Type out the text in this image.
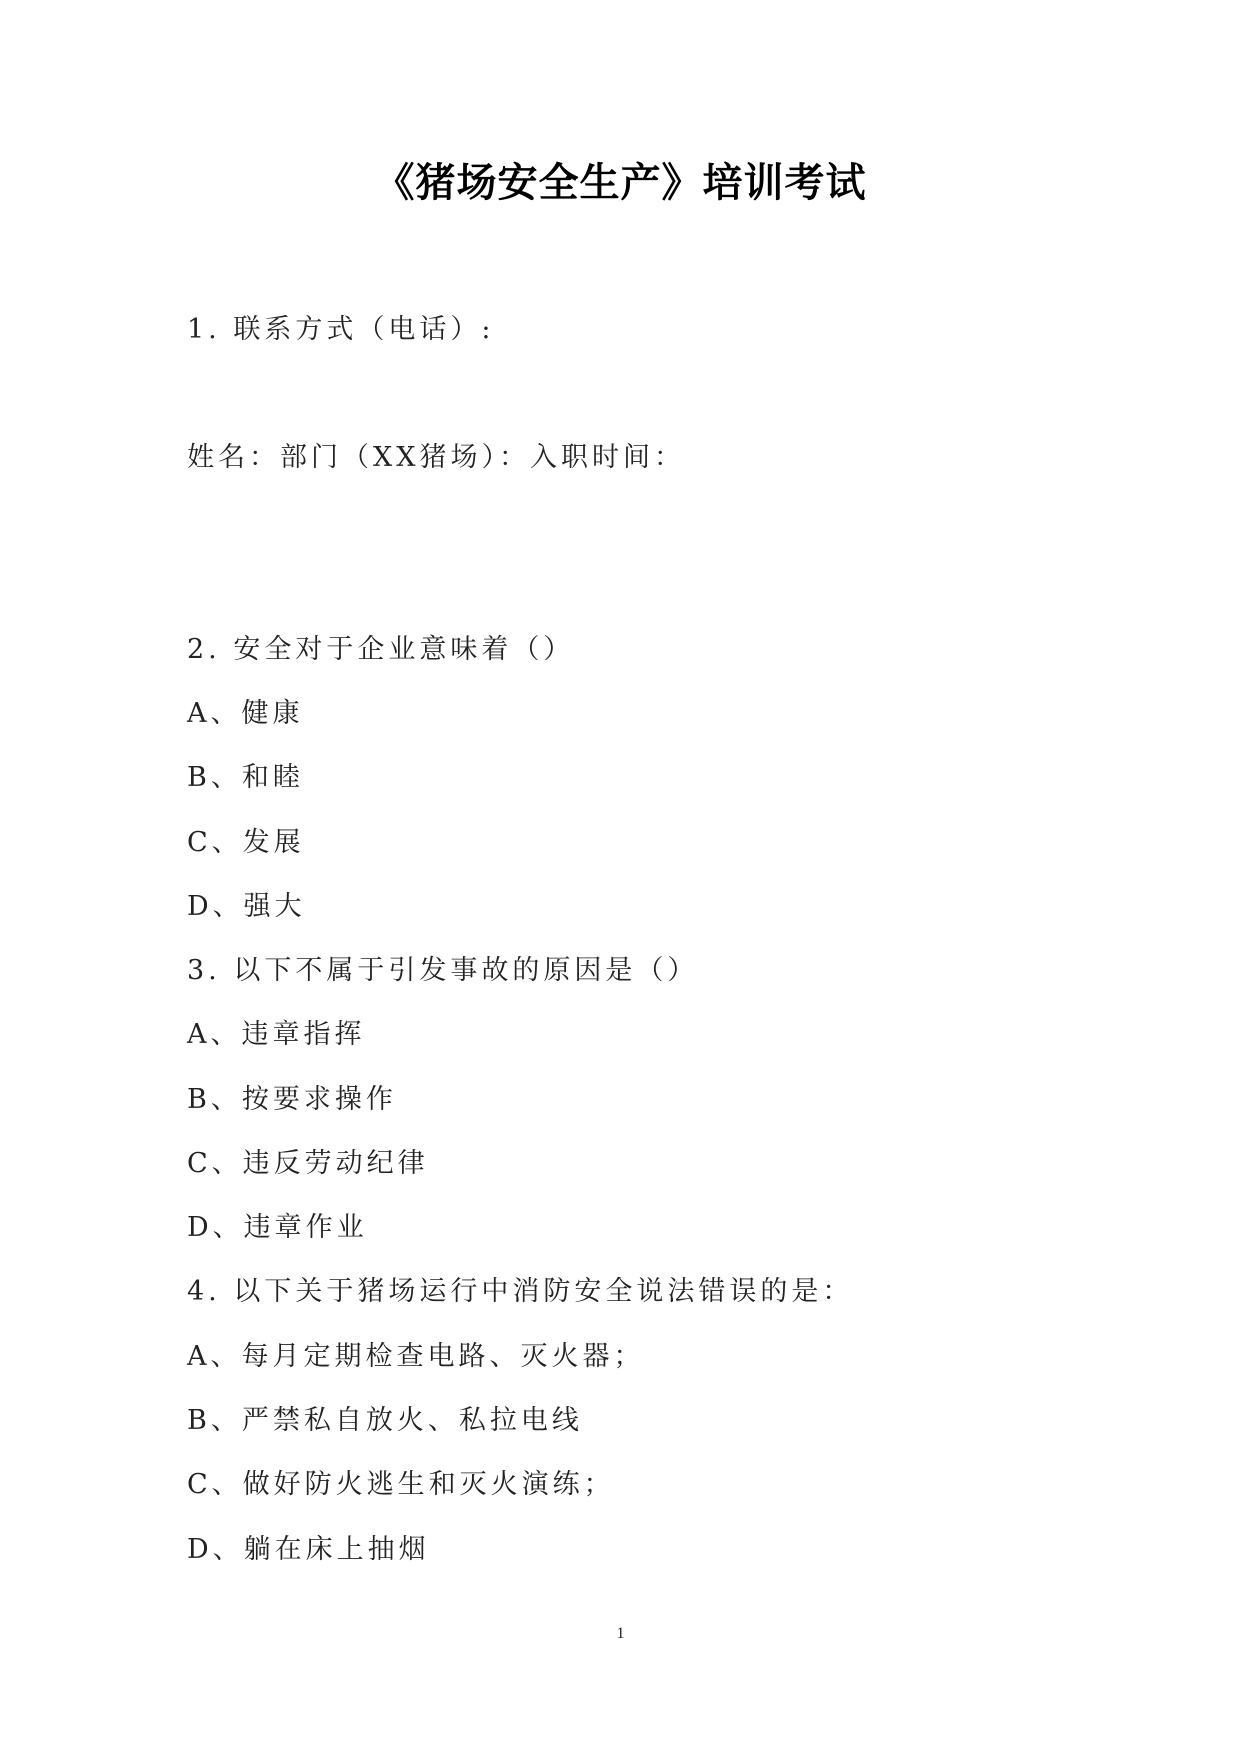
《猪场安全生产》培训考试
1. 联系方式（电话）:
姓名：部门（XX猪场）：入职时间：
2. 安全对于企业意味着（）
A、健康
B、和睦
C、发展
D、强大
3. 以下不属于引发事故的原因是（）
A、违章指挥
B、按要求操作
C、违反劳动纪律
D、违章作业
4. 以下关于猪场运行中消防安全说法错误的是：
A、每月定期检查电路、灭火器；
B、严禁私自放火、私拉电线
C、做好防火逃生和灭火演练；
D、躺在床上抽烟
1
